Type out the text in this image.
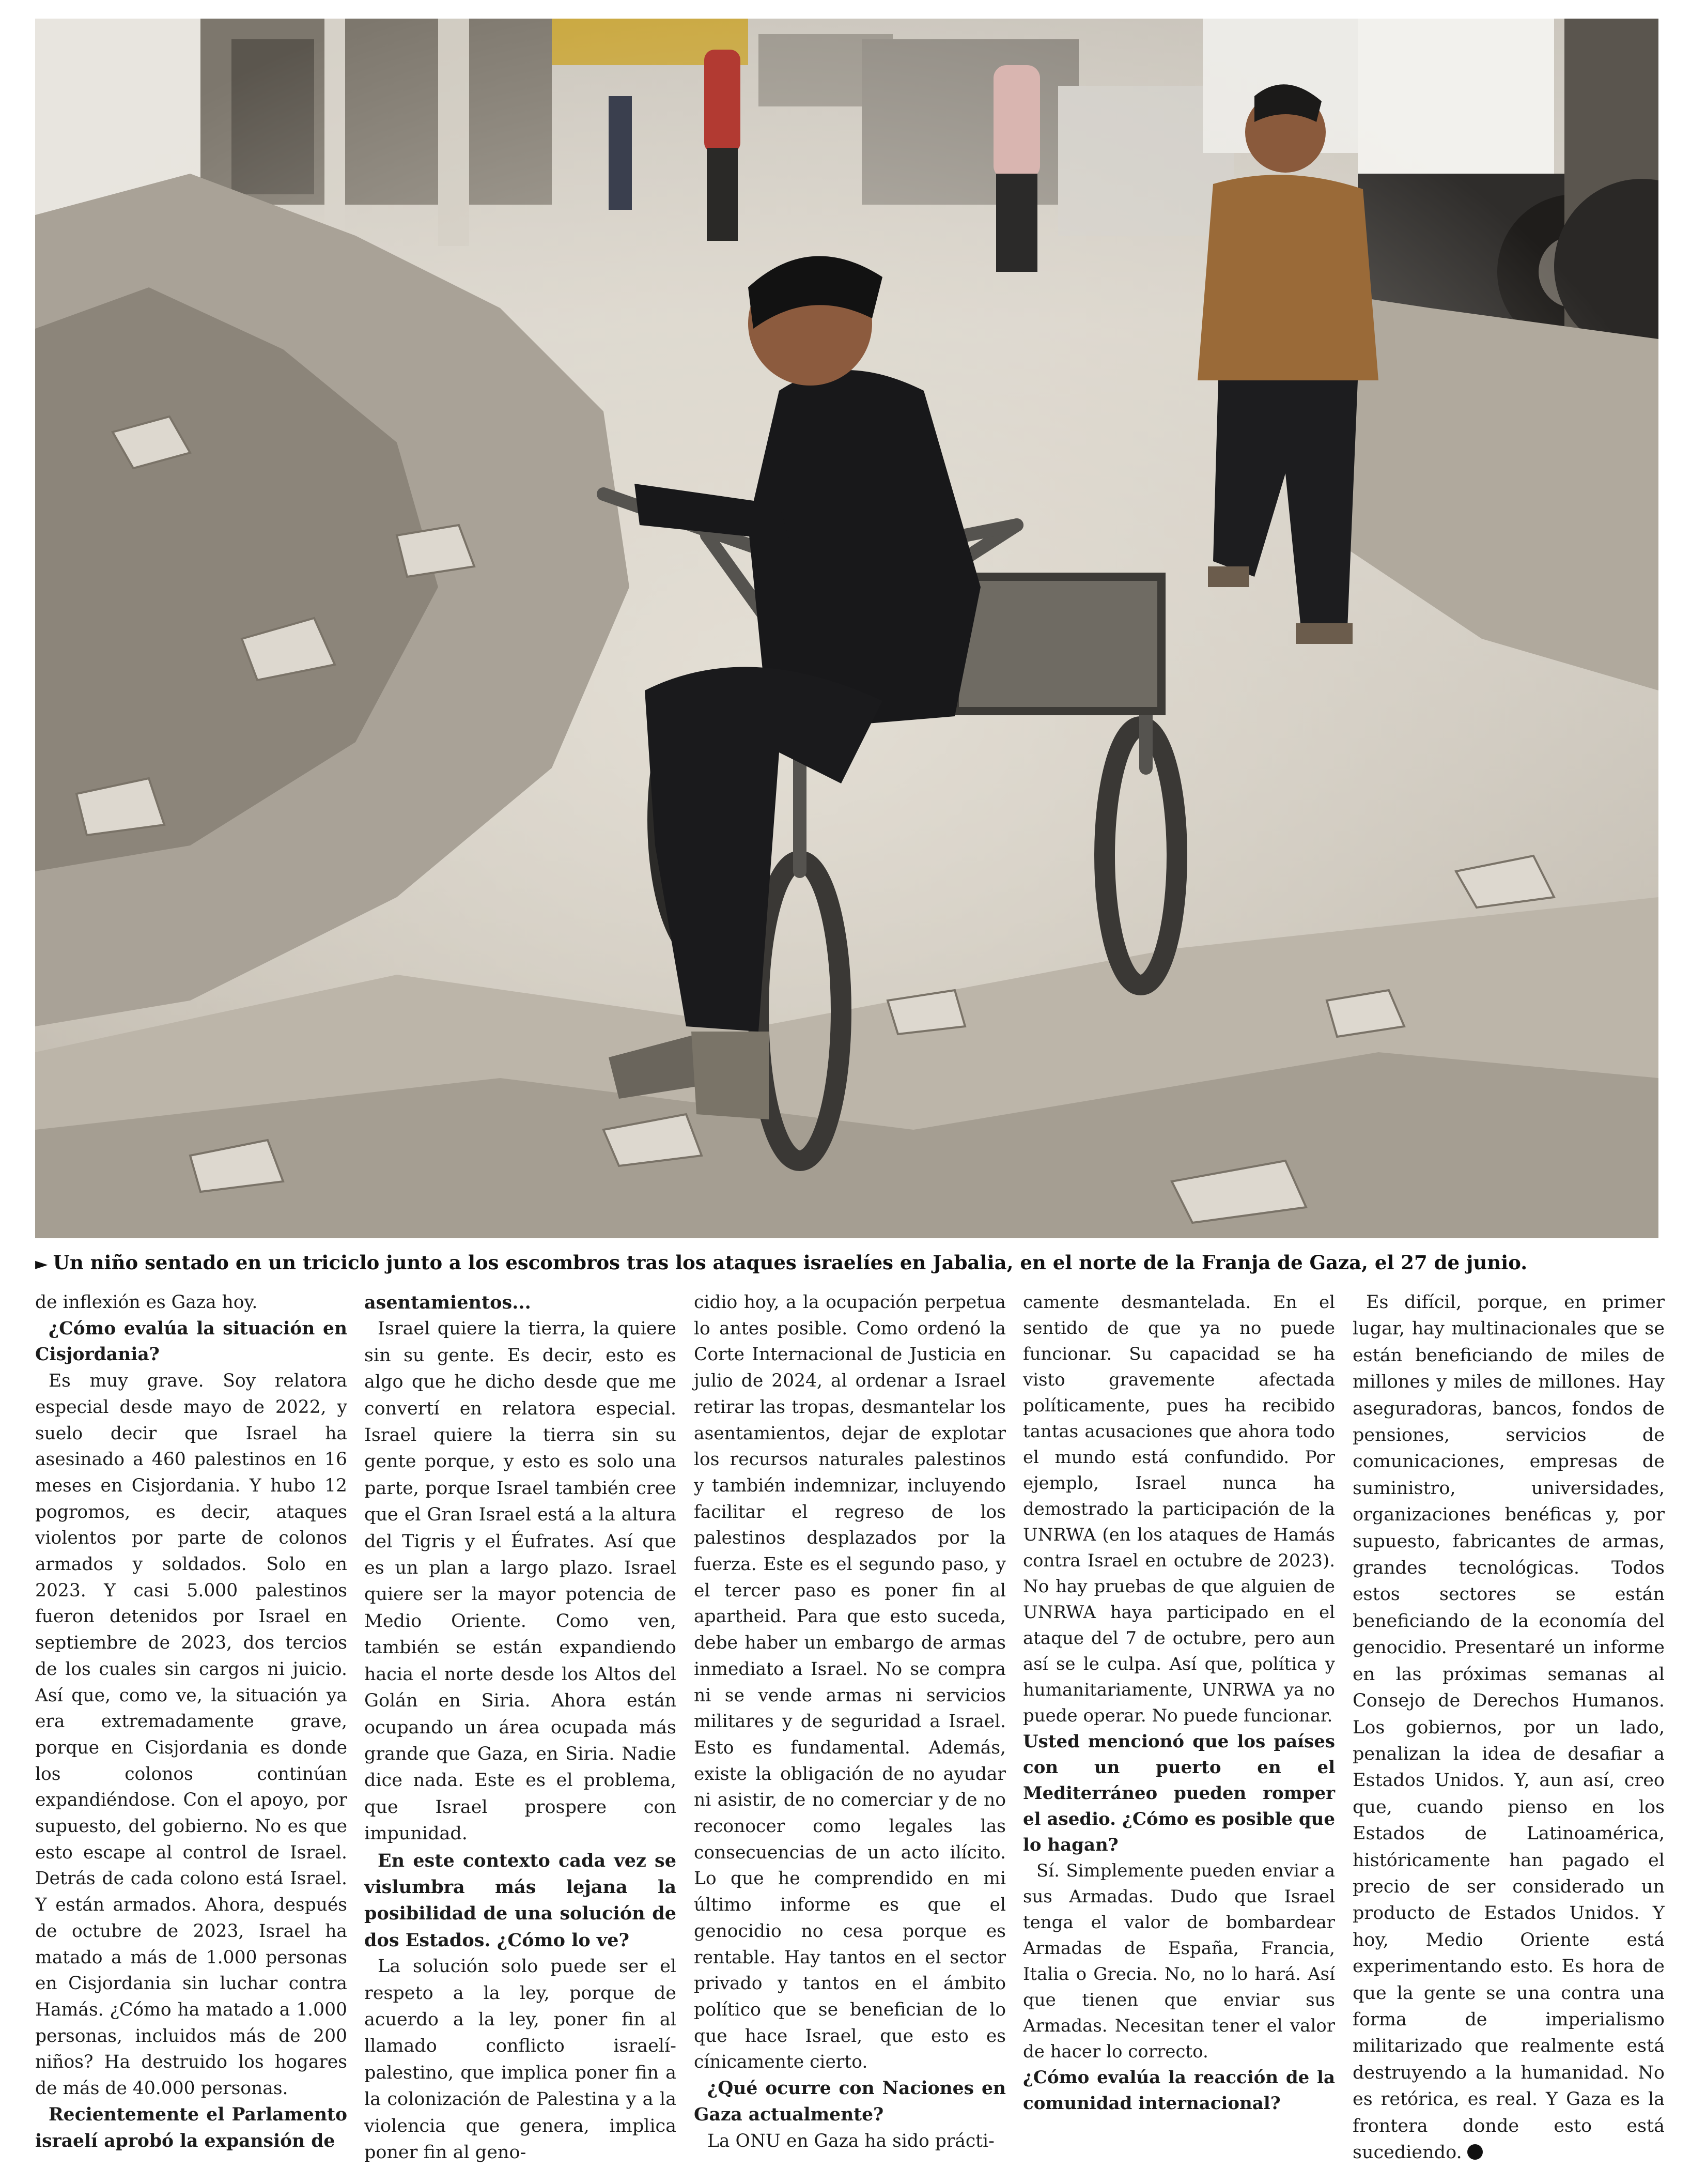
► Un niño sentado en un triciclo junto a los escombros tras los ataques israelíes en Jabalia, en el norte de la Franja de Gaza, el 27 de junio.

de inflexión es Gaza hoy.

¿Cómo evalúa la situación en Cisjordania?

Es muy grave. Soy relatora especial desde mayo de 2022, y suelo decir que Israel ha asesinado a 460 palestinos en 16 meses en Cisjordania. Y hubo 12 pogromos, es decir, ataques violentos por parte de colonos armados y soldados. Solo en 2023. Y casi 5.000 palestinos fueron detenidos por Israel en septiembre de 2023, dos tercios de los cuales sin cargos ni juicio. Así que, como ve, la situación ya era extremadamente grave, porque en Cisjordania es donde los colonos continúan expandiéndose. Con el apoyo, por supuesto, del gobierno. No es que esto escape al control de Israel. Detrás de cada colono está Israel. Y están armados. Ahora, después de octubre de 2023, Israel ha matado a más de 1.000 personas en Cisjordania sin luchar contra Hamás. ¿Cómo ha matado a 1.000 personas, incluidos más de 200 niños? Ha destruido los hogares de más de 40.000 personas.

Recientemente el Parlamento israelí aprobó la expansión de

asentamientos...

Israel quiere la tierra, la quiere sin su gente. Es decir, esto es algo que he dicho desde que me convertí en relatora especial. Israel quiere la tierra sin su gente porque, y esto es solo una parte, porque Israel también cree que el Gran Israel está a la altura del Tigris y el Éufrates. Así que es un plan a largo plazo. Israel quiere ser la mayor potencia de Medio Oriente. Como ven, también se están expandiendo hacia el norte desde los Altos del Golán en Siria. Ahora están ocupando un área ocupada más grande que Gaza, en Siria. Nadie dice nada. Este es el problema, que Israel prospere con impunidad.

En este contexto cada vez se vislumbra más lejana la posibilidad de una solución de dos Estados. ¿Cómo lo ve?

La solución solo puede ser el respeto a la ley, porque de acuerdo a la ley, poner fin al llamado conflicto israelí-palestino, que implica poner fin a la colonización de Palestina y a la violencia que genera, implica poner fin al geno-

cidio hoy, a la ocupación perpetua lo antes posible. Como ordenó la Corte Internacional de Justicia en julio de 2024, al ordenar a Israel retirar las tropas, desmantelar los asentamientos, dejar de explotar los recursos naturales palestinos y también indemnizar, incluyendo facilitar el regreso de los palestinos desplazados por la fuerza. Este es el segundo paso, y el tercer paso es poner fin al apartheid. Para que esto suceda, debe haber un embargo de armas inmediato a Israel. No se compra ni se vende armas ni servicios militares y de seguridad a Israel. Esto es fundamental. Además, existe la obligación de no ayudar ni asistir, de no comerciar y de no reconocer como legales las consecuencias de un acto ilícito. Lo que he comprendido en mi último informe es que el genocidio no cesa porque es rentable. Hay tantos en el sector privado y tantos en el ámbito político que se benefician de lo que hace Israel, que esto es cínicamente cierto.

¿Qué ocurre con Naciones en Gaza actualmente?

La ONU en Gaza ha sido prácti-

camente desmantelada. En el sentido de que ya no puede funcionar. Su capacidad se ha visto gravemente afectada políticamente, pues ha recibido tantas acusaciones que ahora todo el mundo está confundido. Por ejemplo, Israel nunca ha demostrado la participación de la UNRWA (en los ataques de Hamás contra Israel en octubre de 2023). No hay pruebas de que alguien de UNRWA haya participado en el ataque del 7 de octubre, pero aun así se le culpa. Así que, política y humanitariamente, UNRWA ya no puede operar. No puede funcionar.

Usted mencionó que los países con un puerto en el Mediterráneo pueden romper el asedio. ¿Cómo es posible que lo hagan?

Sí. Simplemente pueden enviar a sus Armadas. Dudo que Israel tenga el valor de bombardear Armadas de España, Francia, Italia o Grecia. No, no lo hará. Así que tienen que enviar sus Armadas. Necesitan tener el valor de hacer lo correcto.

¿Cómo evalúa la reacción de la comunidad internacional?

Es difícil, porque, en primer lugar, hay multinacionales que se están beneficiando de miles de millones y miles de millones. Hay aseguradoras, bancos, fondos de pensiones, servicios de comunicaciones, empresas de suministro, universidades, organizaciones benéficas y, por supuesto, fabricantes de armas, grandes tecnológicas. Todos estos sectores se están beneficiando de la economía del genocidio. Presentaré un informe en las próximas semanas al Consejo de Derechos Humanos. Los gobiernos, por un lado, penalizan la idea de desafiar a Estados Unidos. Y, aun así, creo que, cuando pienso en los Estados de Latinoamérica, históricamente han pagado el precio de ser considerado un producto de Estados Unidos. Y hoy, Medio Oriente está experimentando esto. Es hora de que la gente se una contra una forma de imperialismo militarizado que realmente está destruyendo a la humanidad. No es retórica, es real. Y Gaza es la frontera donde esto está sucediendo.
